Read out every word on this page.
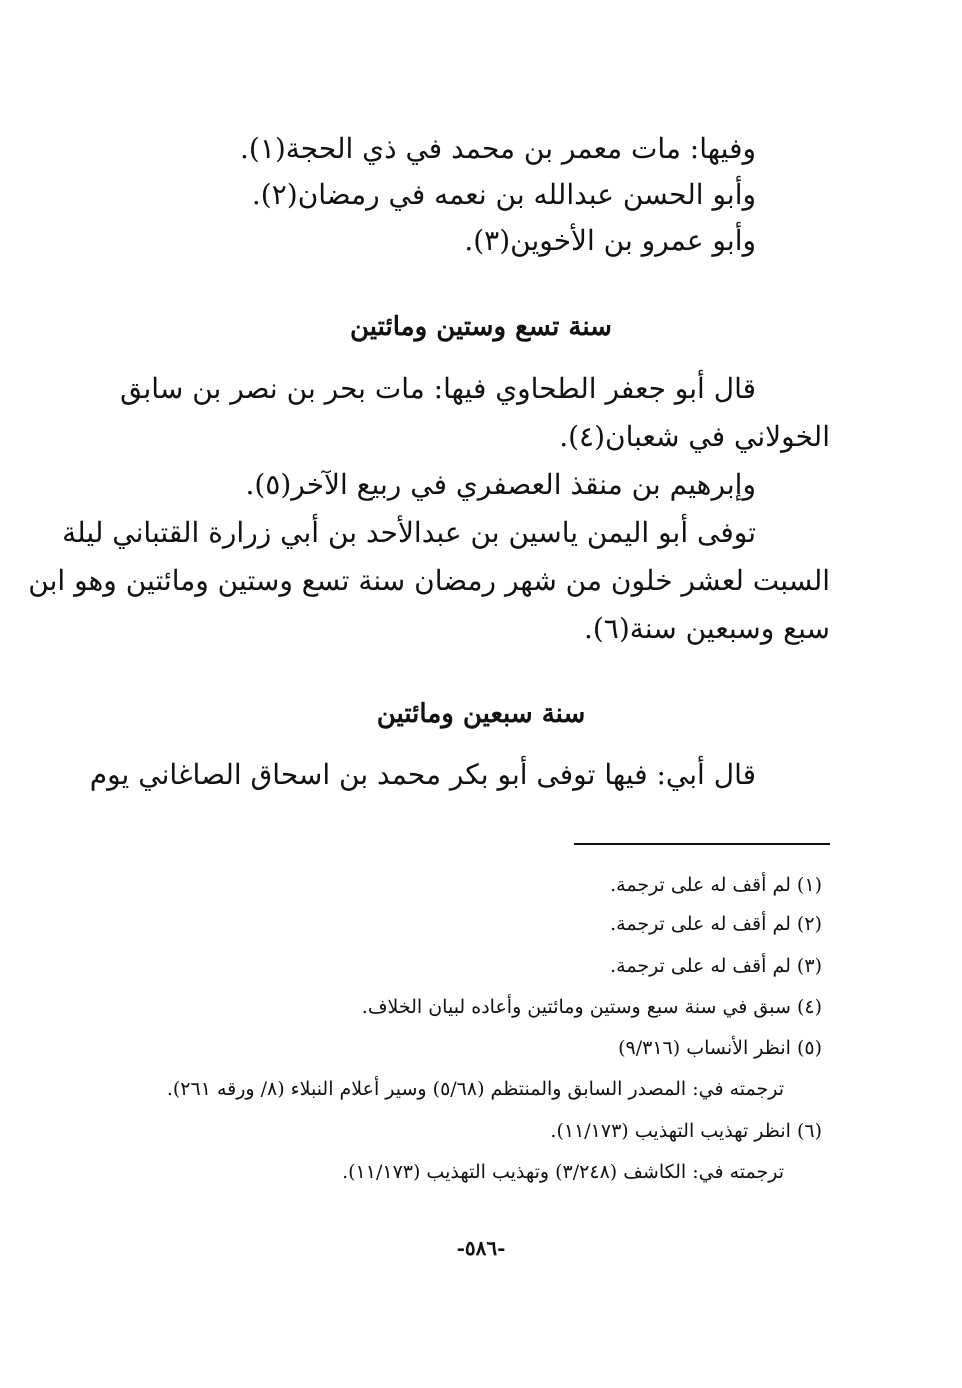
وفيها: مات معمر بن محمد في ذي الحجة(١).

وأبو الحسن عبدالله بن نعمه في رمضان(٢).

وأبو عمرو بن الأخوين(٣).

سنة تسع وستين ومائتين

قال أبو جعفر الطحاوي فيها: مات بحر بن نصر بن سابق

الخولاني في شعبان(٤).

وإبرهيم بن منقذ العصفري في ربيع الآخر(٥).

توفى أبو اليمن ياسين بن عبدالأحد بن أبي زرارة القتباني ليلة

السبت لعشر خلون من شهر رمضان سنة تسع وستين ومائتين وهو ابن

سبع وسبعين سنة(٦).

سنة سبعين ومائتين

قال أبي: فيها توفى أبو بكر محمد بن اسحاق الصاغاني يوم

(١) لم أقف له على ترجمة.

(٢) لم أقف له على ترجمة.

(٣) لم أقف له على ترجمة.

(٤) سبق في سنة سبع وستين ومائتين وأعاده لبيان الخلاف.

(٥) انظر الأنساب (٩/٣١٦)

ترجمته في: المصدر السابق والمنتظم (٥/٦٨) وسير أعلام النبلاء (٨/ ورقه ٢٦١).

(٦) انظر تهذيب التهذيب (١١/١٧٣).

ترجمته في: الكاشف (٣/٢٤٨) وتهذيب التهذيب (١١/١٧٣).

-٥٨٦-
